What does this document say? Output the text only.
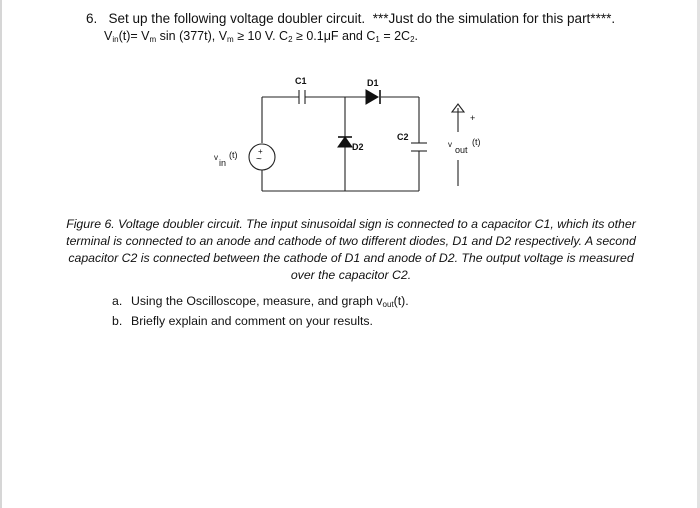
6. Set up the following voltage doubler circuit. ***Just do the simulation for this part****.
$V_{in}(t)= V_m$ sin (377t), $V_m \ge 10$ V. $C_2 \ge 0.1\mu F$ and $C_1 = 2C_2$.
C1	D1
D2
C2
+
+
~
v
in
(t)
v
out
(t)
Figure 6. Voltage doubler circuit. The input sinusoidal sign is connected to a capacitor C1, which its other terminal is connected to an anode and cathode of two different diodes, D1 and D2 respectively. A second capacitor C2 is connected between the cathode of D1 and anode of D2. The output voltage is measured over the capacitor C2.
a. Using the Oscilloscope, measure, and graph $v_{out}(t)$.
b. Briefly explain and comment on your results.
